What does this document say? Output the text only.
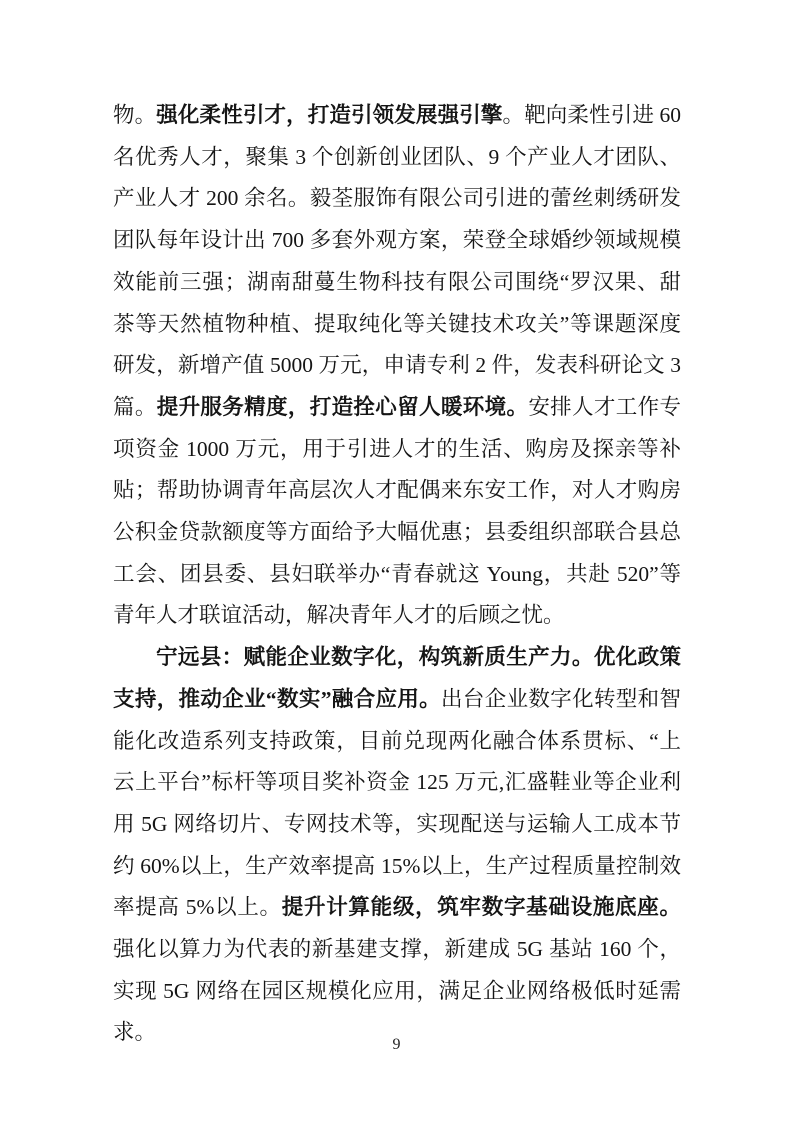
物。强化柔性引才，打造引领发展强引擎。靶向柔性引进 60 名优秀人才，聚集 3 个创新创业团队、9 个产业人才团队、产业人才 200 余名。毅荃服饰有限公司引进的蕾丝刺绣研发团队每年设计出 700 多套外观方案，荣登全球婚纱领域规模效能前三强；湖南甜蔓生物科技有限公司围绕“罗汉果、甜茶等天然植物种植、提取纯化等关键技术攻关”等课题深度研发，新增产值 5000 万元，申请专利 2 件，发表科研论文 3 篇。提升服务精度，打造拴心留人暖环境。安排人才工作专项资金 1000 万元，用于引进人才的生活、购房及探亲等补贴；帮助协调青年高层次人才配偶来东安工作，对人才购房公积金贷款额度等方面给予大幅优惠；县委组织部联合县总工会、团县委、县妇联举办“青春就这 Young，共赴 520”等青年人才联谊活动，解决青年人才的后顾之忧。

宁远县：赋能企业数字化，构筑新质生产力。优化政策支持，推动企业“数实”融合应用。出台企业数字化转型和智能化改造系列支持政策，目前兑现两化融合体系贯标、“上云上平台”标杆等项目奖补资金 125 万元,汇盛鞋业等企业利用 5G 网络切片、专网技术等，实现配送与运输人工成本节约 60%以上，生产效率提高 15%以上，生产过程质量控制效率提高 5%以上。提升计算能级，筑牢数字基础设施底座。强化以算力为代表的新基建支撑，新建成 5G 基站 160 个，实现 5G 网络在园区规模化应用，满足企业网络极低时延需求。

9
